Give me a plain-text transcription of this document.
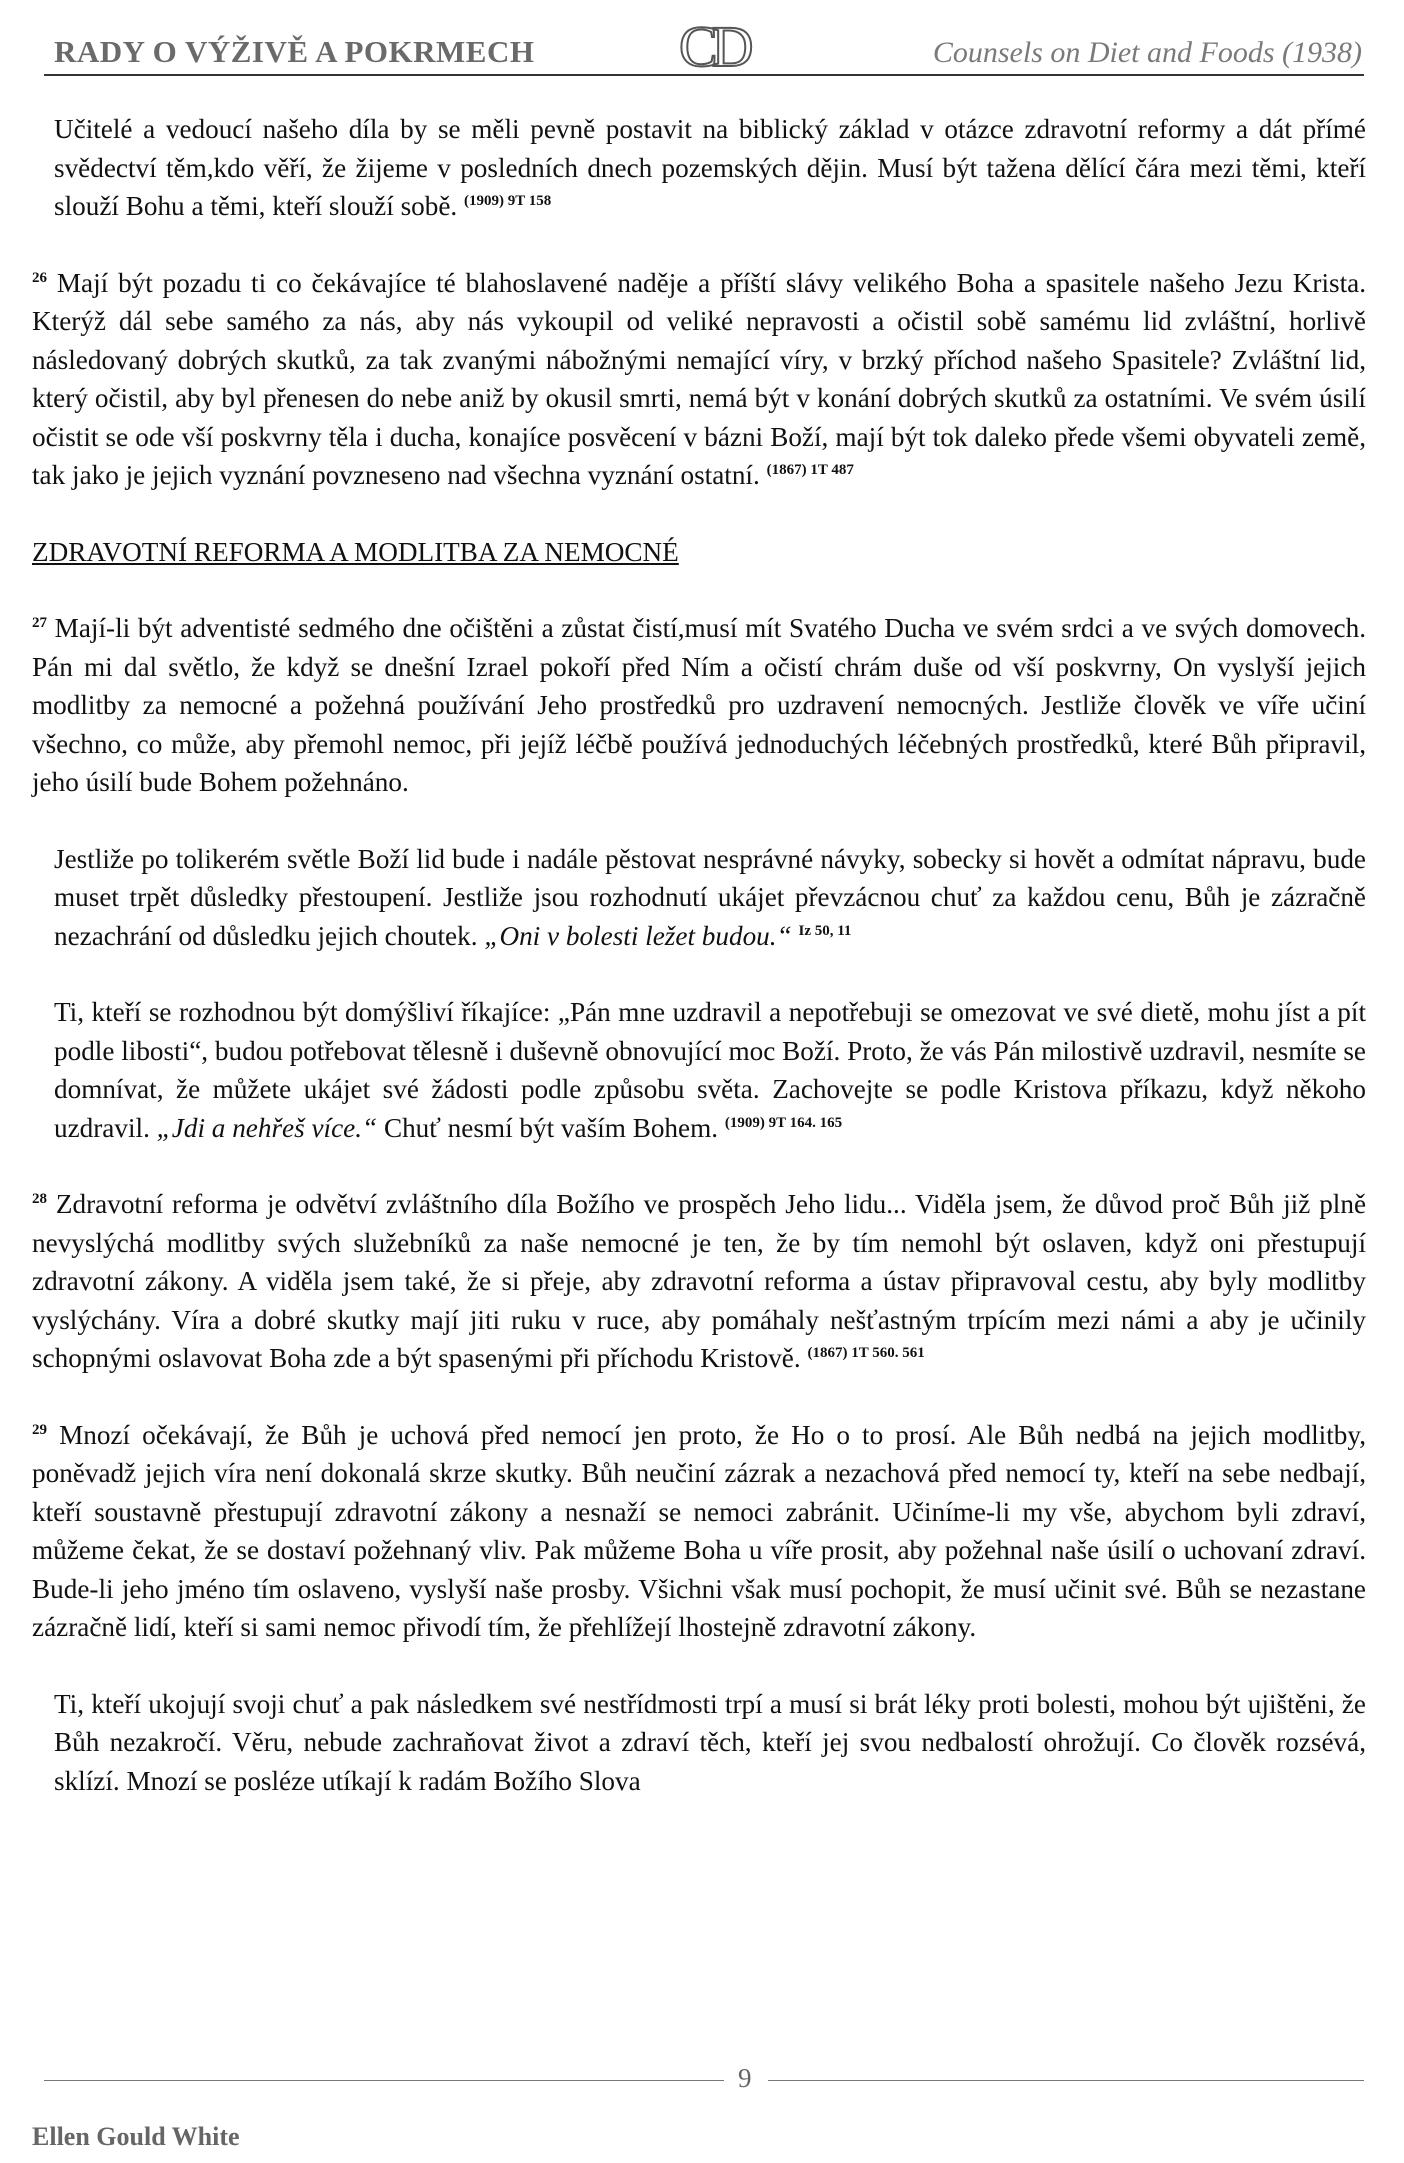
RADY O VÝŽIVĚ A POKRMECH CD	Counsels on Diet and Foods (1938)

Učitelé a vedoucí našeho díla by se měli pevně postavit na biblický základ v otázce zdravotní reformy a dát přímé svědectví těm,kdo věří, že žijeme v posledních dnech pozemských dějin. Musí být tažena dělící čára mezi těmi, kteří slouží Bohu a těmi, kteří slouží sobě. $^{(1909) 9T 158}$

$^{26}$ Mají být pozadu ti co čekávajíce té blahoslavené naděje a příští slávy velikého Boha a spasitele našeho Jezu Krista. Kterýž dál sebe samého za nás, aby nás vykoupil od veliké nepravosti a očistil sobě samému lid zvláštní, horlivě následovaný dobrých skutků, za tak zvanými nábožnými nemající víry, v brzký příchod našeho Spasitele? Zvláštní lid, který očistil, aby byl přenesen do nebe aniž by okusil smrti, nemá být v konání dobrých skutků za ostatními. Ve svém úsilí očistit se ode vší poskvrny těla i ducha, konajíce posvěcení v bázni Boží, mají být tok daleko přede všemi obyvateli země, tak jako je jejich vyznání povzneseno nad všechna vyznání ostatní. $^{(1867) 1T 487}$

ZDRAVOTNÍ REFORMA A MODLITBA ZA NEMOCNÉ

$^{27}$ Mají-li být adventisté sedmého dne očištěni a zůstat čistí,musí mít Svatého Ducha ve svém srdci a ve svých domovech. Pán mi dal světlo, že když se dnešní Izrael pokoří před Ním a očistí chrám duše od vší poskvrny, On vyslyší jejich modlitby za nemocné a požehná používání Jeho prostředků pro uzdravení nemocných. Jestliže člověk ve víře učiní všechno, co může, aby přemohl nemoc, při jejíž léčbě používá jednoduchých léčebných prostředků, které Bůh připravil, jeho úsilí bude Bohem požehnáno.

Jestliže po tolikerém světle Boží lid bude i nadále pěstovat nesprávné návyky, sobecky si hovět a odmítat nápravu, bude muset trpět důsledky přestoupení. Jestliže jsou rozhodnutí ukájet převzácnou chuť za každou cenu, Bůh je zázračně nezachrání od důsledku jejich choutek. „Oni v bolesti ležet budou.“ $^{Iz 50, 11}$

Ti, kteří se rozhodnou být domýšliví říkajíce: „Pán mne uzdravil a nepotřebuji se omezovat ve své dietě, mohu jíst a pít podle libosti“, budou potřebovat tělesně i duševně obnovující moc Boží. Proto, že vás Pán milostivě uzdravil, nesmíte se domnívat, že můžete ukájet své žádosti podle způsobu světa. Zachovejte se podle Kristova příkazu, když někoho uzdravil. „Jdi a nehřeš více.“ Chuť nesmí být vaším Bohem. $^{(1909) 9T 164. 165}$

$^{28}$ Zdravotní reforma je odvětví zvláštního díla Božího ve prospěch Jeho lidu... Viděla jsem, že důvod proč Bůh již plně nevyslýchá modlitby svých služebníků za naše nemocné je ten, že by tím nemohl být oslaven, když oni přestupují zdravotní zákony. A viděla jsem také, že si přeje, aby zdravotní reforma a ústav připravoval cestu, aby byly modlitby vyslýchány. Víra a dobré skutky mají jiti ruku v ruce, aby pomáhaly nešťastným trpícím mezi námi a aby je učinily schopnými oslavovat Boha zde a být spasenými při příchodu Kristově. $^{(1867) 1T 560. 561}$

$^{29}$ Mnozí očekávají, že Bůh je uchová před nemocí jen proto, že Ho o to prosí. Ale Bůh nedbá na jejich modlitby, poněvadž jejich víra není dokonalá skrze skutky. Bůh neučiní zázrak a nezachová před nemocí ty, kteří na sebe nedbají, kteří soustavně přestupují zdravotní zákony a nesnaží se nemoci zabránit. Učiníme-li my vše, abychom byli zdraví, můžeme čekat, že se dostaví požehnaný vliv. Pak můžeme Boha u víře prosit, aby požehnal naše úsilí o uchovaní zdraví. Bude-li jeho jméno tím oslaveno, vyslyší naše prosby. Všichni však musí pochopit, že musí učinit své. Bůh se nezastane zázračně lidí, kteří si sami nemoc přivodí tím, že přehlížejí lhostejně zdravotní zákony.

Ti, kteří ukojují svoji chuť a pak následkem své nestřídmosti trpí a musí si brát léky proti bolesti, mohou být ujištěni, že Bůh nezakročí. Věru, nebude zachraňovat život a zdraví těch, kteří jej svou nedbalostí ohrožují. Co člověk rozsévá, sklízí. Mnozí se posléze utíkají k radám Božího Slova

9
Ellen Gould White
